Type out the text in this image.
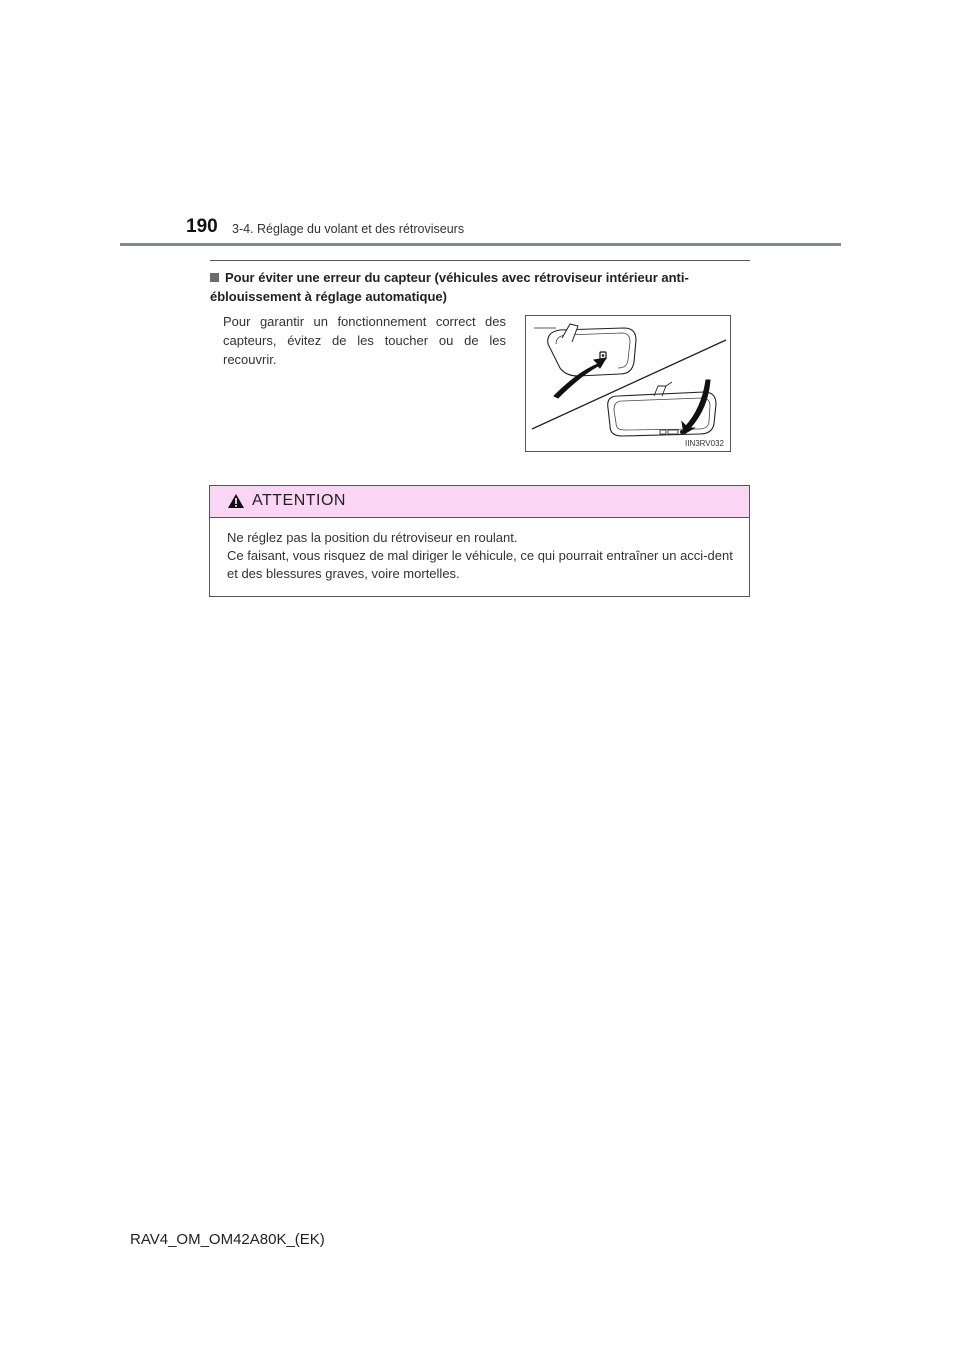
190 3-4. Réglage du volant et des rétroviseurs
Pour éviter une erreur du capteur (véhicules avec rétroviseur intérieur anti-
éblouissement à réglage automatique)
Pour garantir un fonctionnement correct des capteurs, évitez de les toucher ou de les recouvrir.
IIN3RV032
ATTENTION

Ne réglez pas la position du rétroviseur en roulant.

Ce faisant, vous risquez de mal diriger le véhicule, ce qui pourrait entraîner un acci-dent et des blessures graves, voire mortelles.

RAV4_OM_OM42A80K_(EK)
